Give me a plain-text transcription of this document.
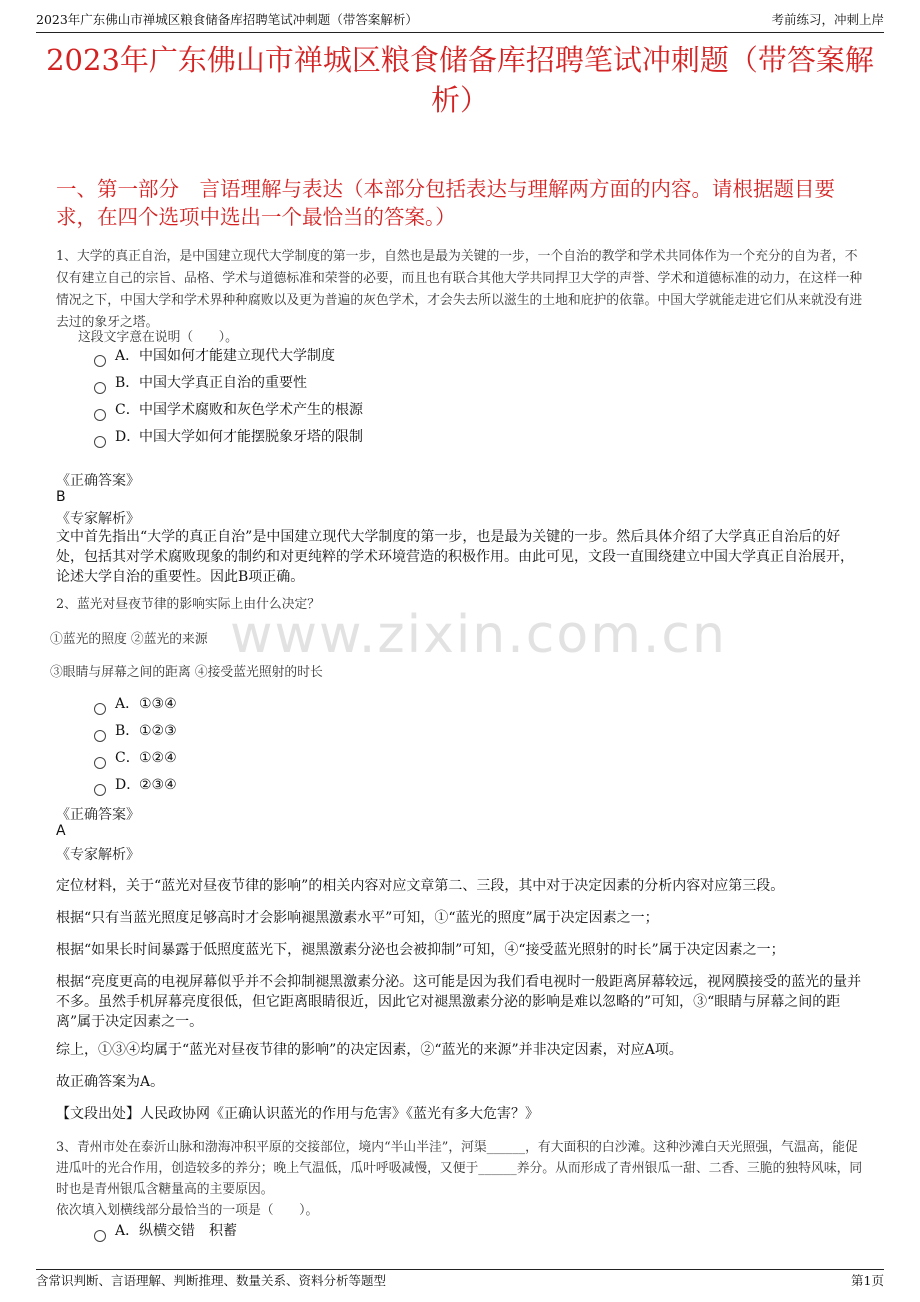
2023年广东佛山市禅城区粮食储备库招聘笔试冲刺题（带答案解析）	考前练习，冲刺上岸
2023年广东佛山市禅城区粮食储备库招聘笔试冲刺题（带答案解析）
一、第一部分　言语理解与表达（本部分包括表达与理解两方面的内容。请根据题目要求，在四个选项中选出一个最恰当的答案。）
www.zixin.com.cn
1、大学的真正自治，是中国建立现代大学制度的第一步，自然也是最为关键的一步，一个自治的教学和学术共同体作为一个充分的自为者，不仅有建立自己的宗旨、品格、学术与道德标准和荣誉的必要，而且也有联合其他大学共同捍卫大学的声誉、学术和道德标准的动力，在这样一种情况之下，中国大学和学术界种种腐败以及更为普遍的灰色学术，才会失去所以滋生的土地和庇护的依靠。中国大学就能走进它们从来就没有进去过的象牙之塔。
这段文字意在说明（　　）。
A．中国如何才能建立现代大学制度
B．中国大学真正自治的重要性
C．中国学术腐败和灰色学术产生的根源
D．中国大学如何才能摆脱象牙塔的限制
《正确答案》
B
《专家解析》
文中首先指出“大学的真正自治”是中国建立现代大学制度的第一步，也是最为关键的一步。然后具体介绍了大学真正自治后的好处，包括其对学术腐败现象的制约和对更纯粹的学术环境营造的积极作用。由此可见，文段一直围绕建立中国大学真正自治展开，论述大学自治的重要性。因此B项正确。
2、蓝光对昼夜节律的影响实际上由什么决定？
①蓝光的照度 ②蓝光的来源
③眼睛与屏幕之间的距离 ④接受蓝光照射的时长
A．①③④
B．①②③
C．①②④
D．②③④
《正确答案》
A
《专家解析》
定位材料，关于“蓝光对昼夜节律的影响”的相关内容对应文章第二、三段，其中对于决定因素的分析内容对应第三段。
根据“只有当蓝光照度足够高时才会影响褪黑激素水平”可知，①“蓝光的照度”属于决定因素之一；
根据“如果长时间暴露于低照度蓝光下，褪黑激素分泌也会被抑制”可知，④“接受蓝光照射的时长”属于决定因素之一；
根据“亮度更高的电视屏幕似乎并不会抑制褪黑激素分泌。这可能是因为我们看电视时一般距离屏幕较远，视网膜接受的蓝光的量并不多。虽然手机屏幕亮度很低，但它距离眼睛很近，因此它对褪黑激素分泌的影响是难以忽略的”可知，③“眼睛与屏幕之间的距离”属于决定因素之一。
综上，①③④均属于“蓝光对昼夜节律的影响”的决定因素，②“蓝光的来源”并非决定因素，对应A项。
故正确答案为A。
【文段出处】人民政协网《正确认识蓝光的作用与危害》《蓝光有多大危害？》
3、青州市处在泰沂山脉和渤海冲积平原的交接部位，境内“半山半洼”，河渠______，有大面积的白沙滩。这种沙滩白天光照强，气温高，能促进瓜叶的光合作用，创造较多的养分；晚上气温低，瓜叶呼吸减慢，又便于______养分。从而形成了青州银瓜一甜、二香、三脆的独特风味，同时也是青州银瓜含糖量高的主要原因。
依次填入划横线部分最恰当的一项是（　　）。
A．纵横交错　积蓄
含常识判断、言语理解、判断推理、数量关系、资料分析等题型	第1页
